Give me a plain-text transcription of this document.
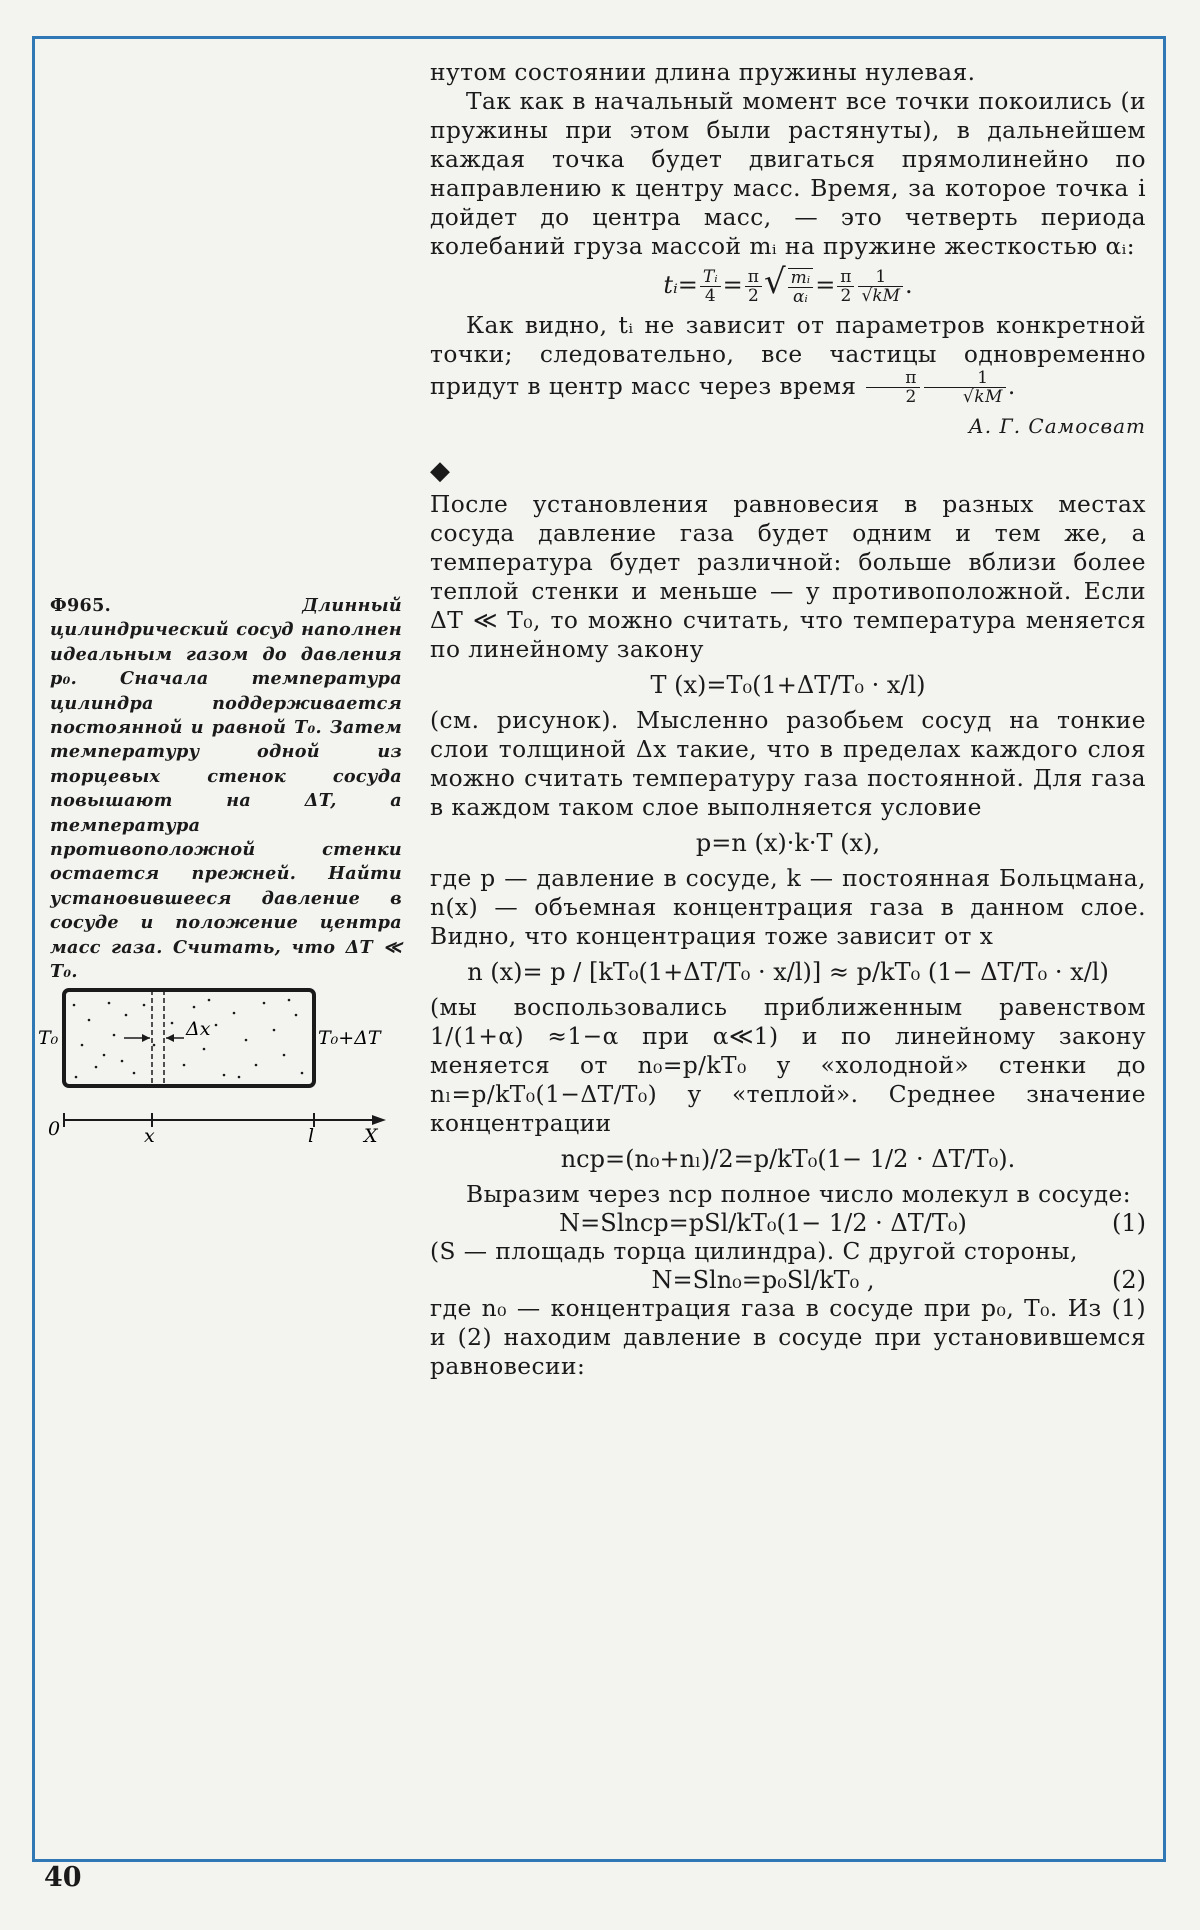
Ф965.	Длинный цилиндрический сосуд наполнен идеальным газом до давления p₀. Сначала температура цилиндра поддерживается постоянной и равной T₀. Затем температуру одной из торцевых стенок сосуда повышают на ΔT, а температура противоположной стенки остается прежней. Найти установившееся давление в сосуде и положение центра масс газа. Считать, что ΔT ≪ T₀.
Δx
T₀	T₀+ΔT
0	x	l	X

нутом состоянии длина пружины нулевая.

Так как в начальный момент все точки покоились (и пружины при этом были растянуты), в дальнейшем каждая точка будет двигаться прямолинейно по направлению к центру масс. Время, за которое точка i дойдет до центра масс, — это четверть периода колебаний груза массой mᵢ на пружине жесткостью αᵢ:

tᵢ= $\frac{\text{Tᵢ}}{4} = \frac{\pi}{2}$ √ $\frac{\text{mᵢ}}{\text{αᵢ}} = \frac{\pi}{2} \frac{1}{√kM}$ .

Как видно, tᵢ не зависит от параметров конкретной точки; следовательно, все частицы одновременно придут в центр масс через время $\frac{\pi}{2} \frac{1}{√kM}$ .

А. Г. Самосват

◆

После установления равновесия в разных местах сосуда давление газа будет одним и тем же, а температура будет различной: больше вблизи более теплой стенки и меньше — у противоположной. Если ΔT ≪ T₀, то можно считать, что температура меняется по линейному закону

T (x)=T₀(1+ΔT/T₀ · x/l)

(см. рисунок). Мысленно разобьем сосуд на тонкие слои толщиной Δx такие, что в пределах каждого слоя можно считать температуру газа постоянной. Для газа в каждом таком слое выполняется условие

p=n (x)·k·T (x),

где p — давление в сосуде, k — постоянная Больцмана, n(x) — объемная концентрация газа в данном слое. Видно, что концентрация тоже зависит от x

n (x)= p / [kT₀(1+ΔT/T₀ · x/l)] ≈ p/kT₀ (1− ΔT/T₀ · x/l)

(мы воспользовались приближенным равенством 1/(1+α) ≈1−α при α≪1) и по линейному закону меняется от n₀=p/kT₀ у «холодной» стенки до nₗ=p/kT₀(1−ΔT/T₀) у «теплой». Среднее значение концентрации

nср=(n₀+nₗ)/2=p/kT₀(1− 1/2 · ΔT/T₀).

Выразим через nср полное число молекул в сосуде:

N=Slnср=pSl/kT₀(1− 1/2 · ΔT/T₀)	(1)

(S — площадь торца цилиндра). С другой стороны,

N=Sln₀=p₀Sl/kT₀ ,	(2)

где n₀ — концентрация газа в сосуде при p₀, T₀. Из (1) и (2) находим давление в сосуде при установившемся равновесии:

40
